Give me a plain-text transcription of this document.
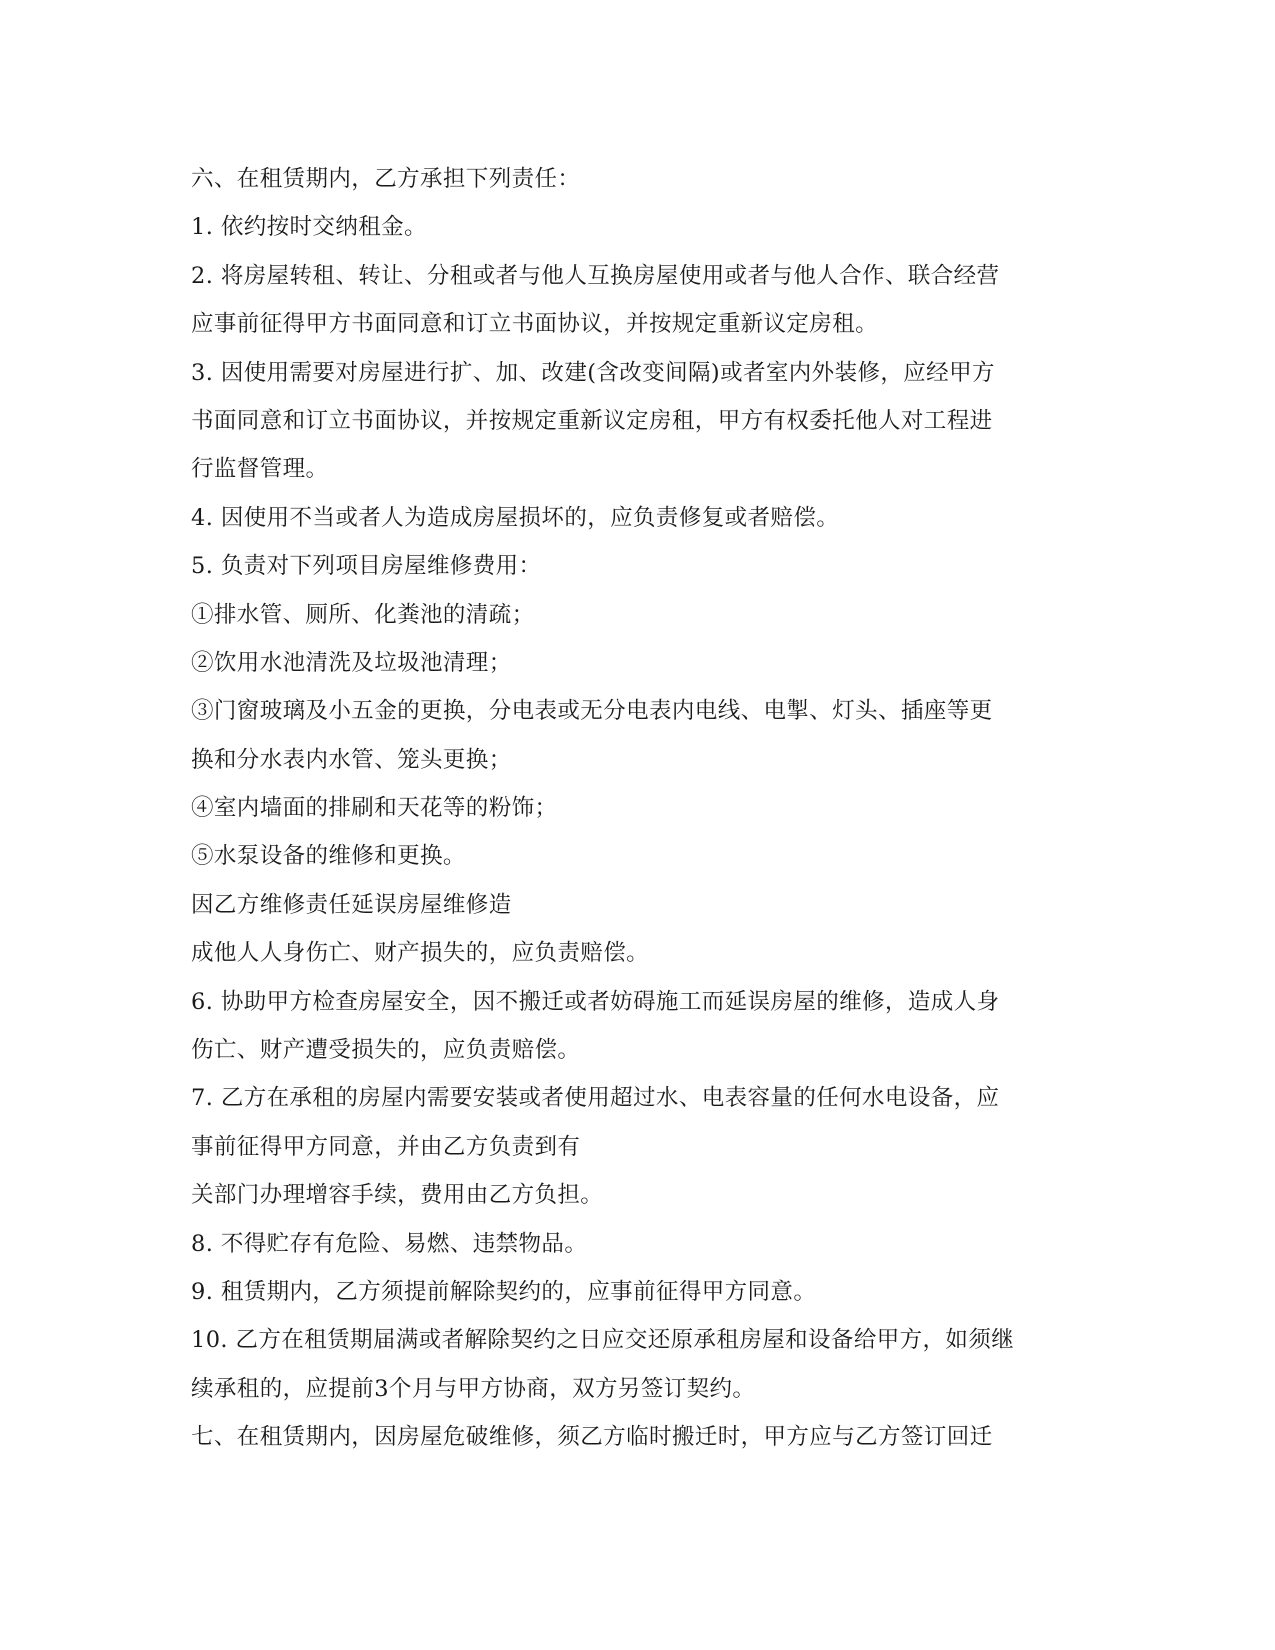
六、在租赁期内，乙方承担下列责任：
1. 依约按时交纳租金。
2. 将房屋转租、转让、分租或者与他人互换房屋使用或者与他人合作、联合经营
应事前征得甲方书面同意和订立书面协议，并按规定重新议定房租。
3. 因使用需要对房屋进行扩、加、改建(含改变间隔)或者室内外装修，应经甲方
书面同意和订立书面协议，并按规定重新议定房租，甲方有权委托他人对工程进
行监督管理。
4. 因使用不当或者人为造成房屋损坏的，应负责修复或者赔偿。
5. 负责对下列项目房屋维修费用：
①排水管、厕所、化粪池的清疏；
②饮用水池清洗及垃圾池清理；
③门窗玻璃及小五金的更换，分电表或无分电表内电线、电掣、灯头、插座等更
换和分水表内水管、笼头更换；
④室内墙面的排刷和天花等的粉饰；
⑤水泵设备的维修和更换。
因乙方维修责任延误房屋维修造
成他人人身伤亡、财产损失的，应负责赔偿。
6. 协助甲方检查房屋安全，因不搬迁或者妨碍施工而延误房屋的维修，造成人身
伤亡、财产遭受损失的，应负责赔偿。
7. 乙方在承租的房屋内需要安装或者使用超过水、电表容量的任何水电设备，应
事前征得甲方同意，并由乙方负责到有
关部门办理增容手续，费用由乙方负担。
8. 不得贮存有危险、易燃、违禁物品。
9. 租赁期内，乙方须提前解除契约的，应事前征得甲方同意。
10. 乙方在租赁期届满或者解除契约之日应交还原承租房屋和设备给甲方，如须继
续承租的，应提前3个月与甲方协商，双方另签订契约。
七、在租赁期内，因房屋危破维修，须乙方临时搬迁时，甲方应与乙方签订回迁
